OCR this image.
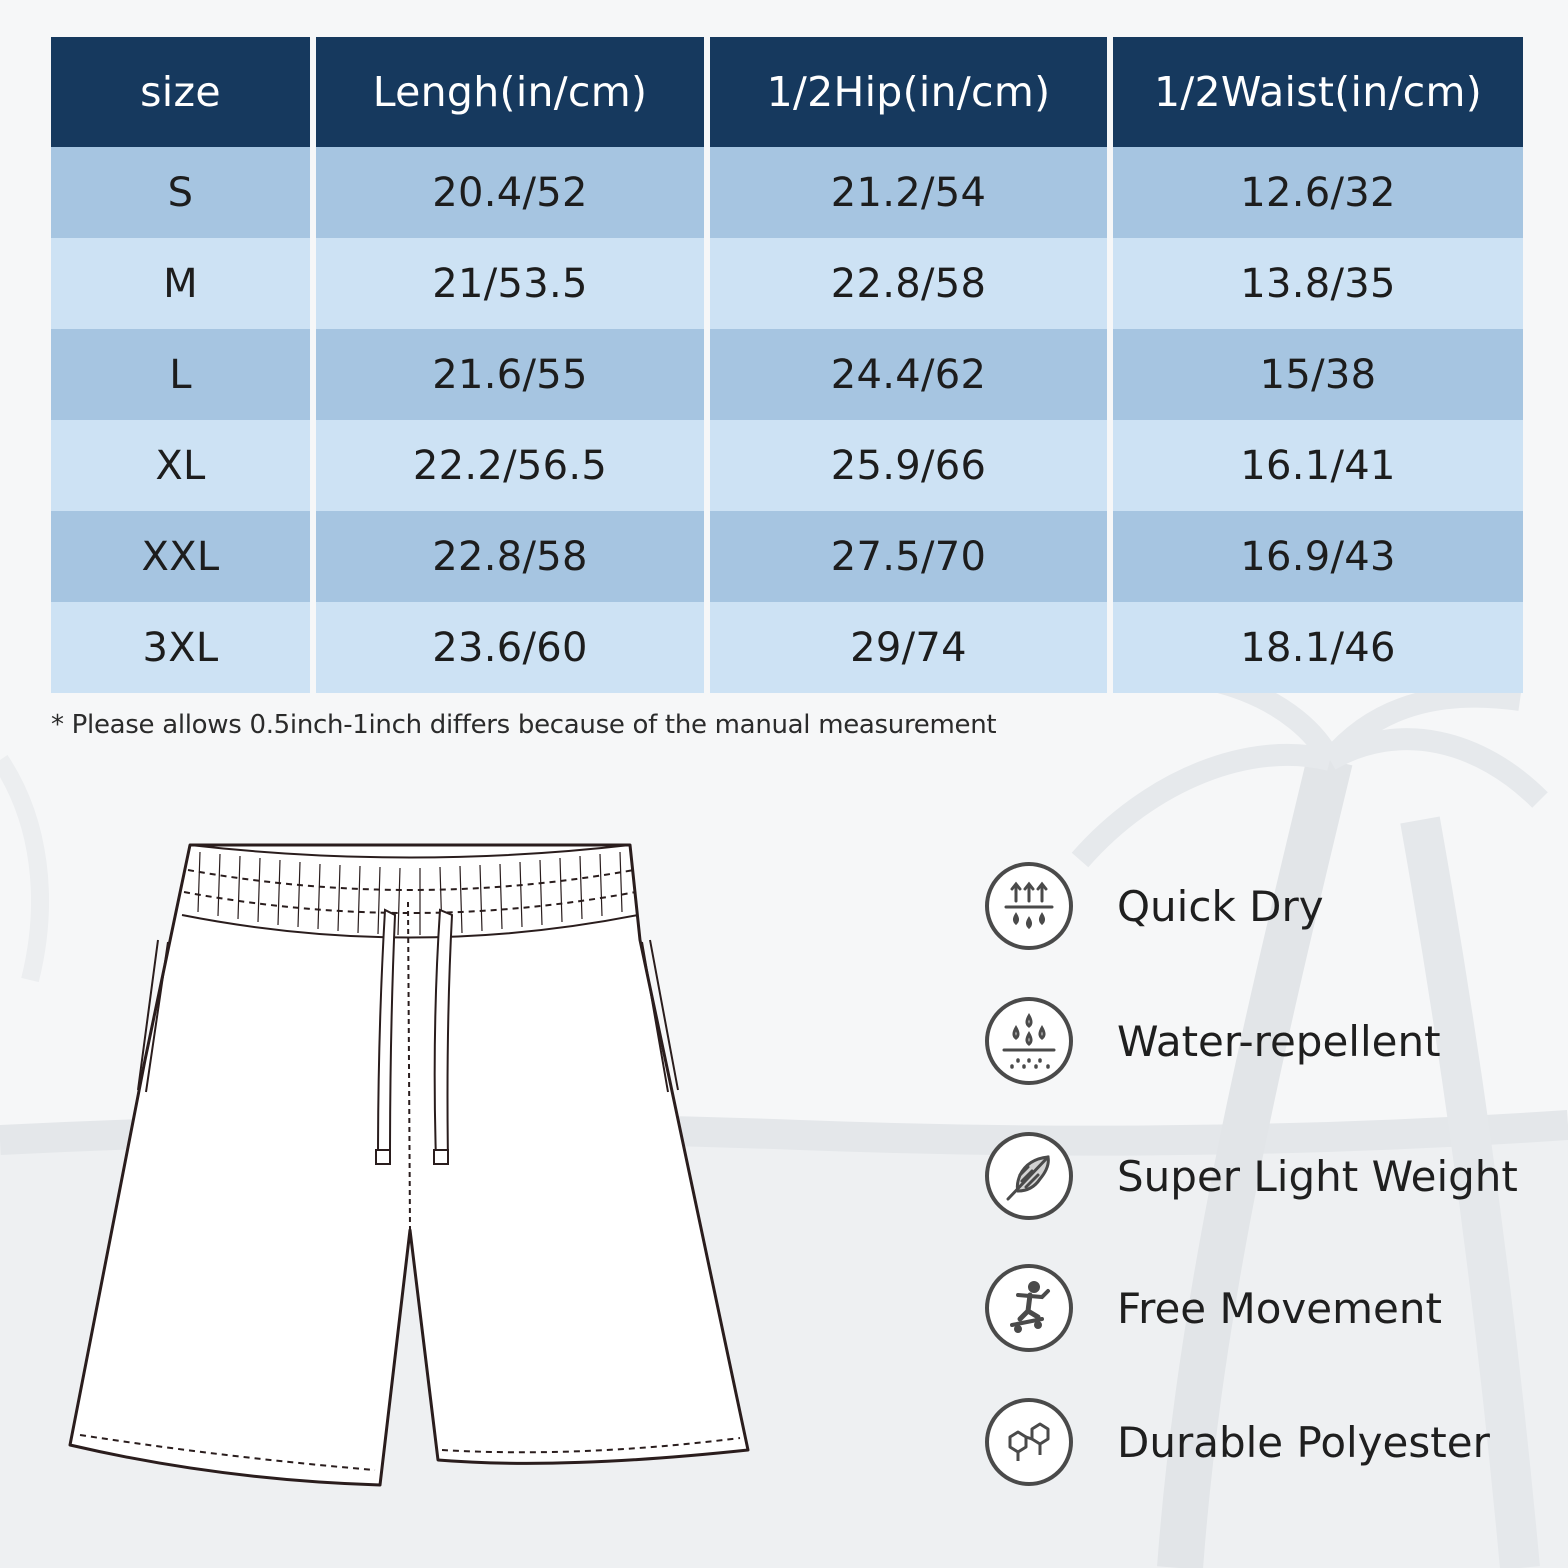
size	Lengh(in/cm)	1/2Hip(in/cm)	1/2Waist(in/cm)
S	20.4/52	21.2/54	12.6/32
M	21/53.5	22.8/58	13.8/35
L	21.6/55	24.4/62	15/38
XL	22.2/56.5	25.9/66	16.1/41
XXL	22.8/58	27.5/70	16.9/43
3XL	23.6/60	29/74	18.1/46
* Please allows 0.5inch-1inch differs because of the manual measurement
Quick Dry
Water-repellent
Super Light Weight
Free Movement
Durable Polyester
